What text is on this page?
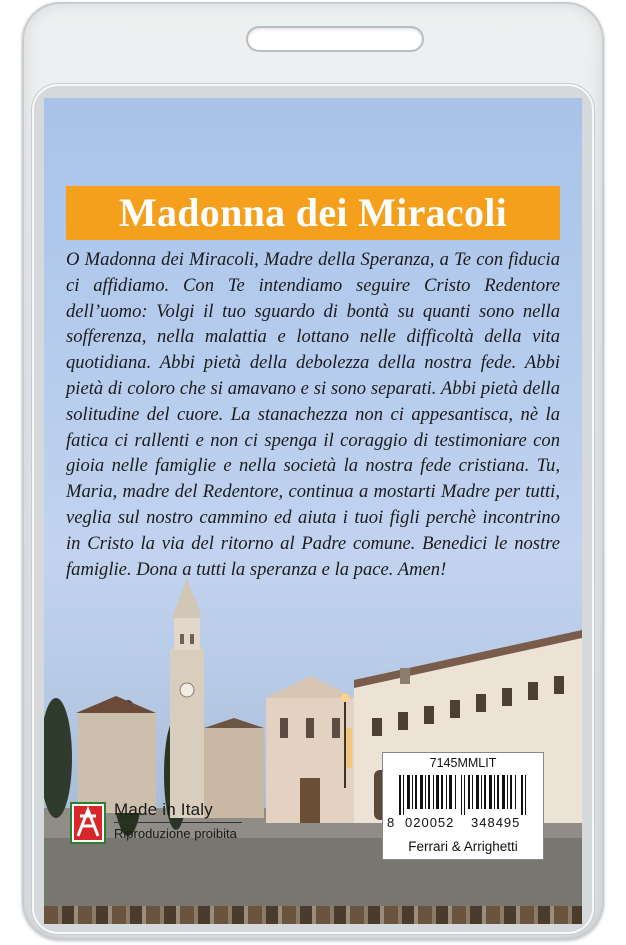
Madonna dei Miracoli

O Madonna dei Miracoli, Madre della Speranza, a Te con fiducia ci affidiamo. Con Te intendiamo seguire Cristo Redentore dell’uomo: Volgi il tuo sguardo di bontà su quanti sono nella sofferenza, nella malattia e lottano nelle difficoltà della vita quotidiana. Abbi pietà della debolezza della nostra fede. Abbi pietà di coloro che si amavano e si sono separati. Abbi pietà della solitudine del cuore. La stanachezza non ci appesantisca, nè la fatica ci rallenti e non ci spenga il coraggio di testimoniare con gioia nelle famiglie e nella società la nostra fede cristiana. Tu, Maria, madre del Redentore, continua a mostarti Madre per tutti, veglia sul nostro cammino ed aiuta i tuoi figli perchè incontrino in Cristo la via del ritorno al Padre comune. Benedici le nostre famiglie. Dona a tutti la speranza e la pace. Amen!

Made in Italy
Riproduzione proibita
7145MMLIT
8 020052 348495
Ferrari & Arrighetti
